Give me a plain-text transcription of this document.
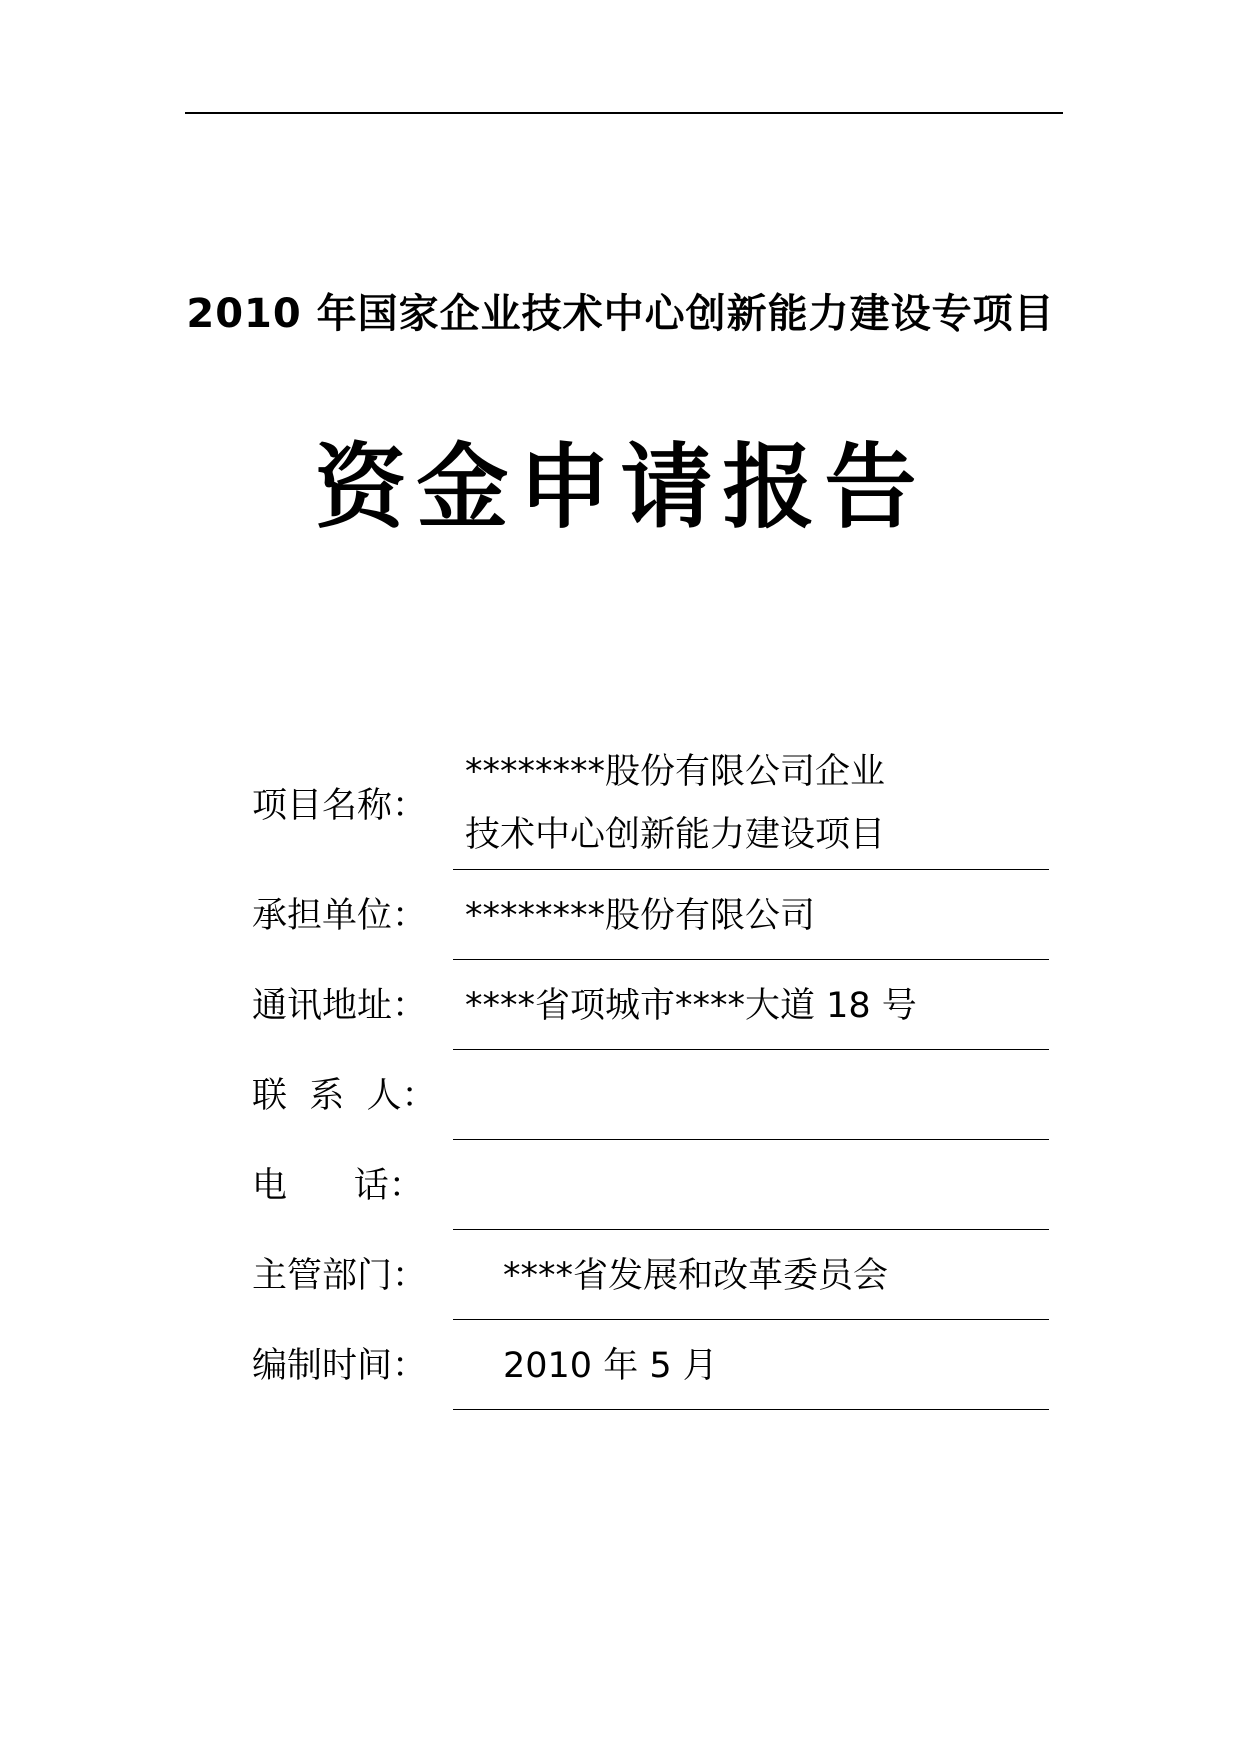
2010 年国家企业技术中心创新能力建设专项目
资金申请报告
项目名称：
********股份有限公司企业
技术中心创新能力建设项目
承担单位： ********股份有限公司
通讯地址： ****省项城市****大道 18 号
联  系  人：
电      话：
主管部门： ****省发展和改革委员会
编制时间： 2010 年 5 月
